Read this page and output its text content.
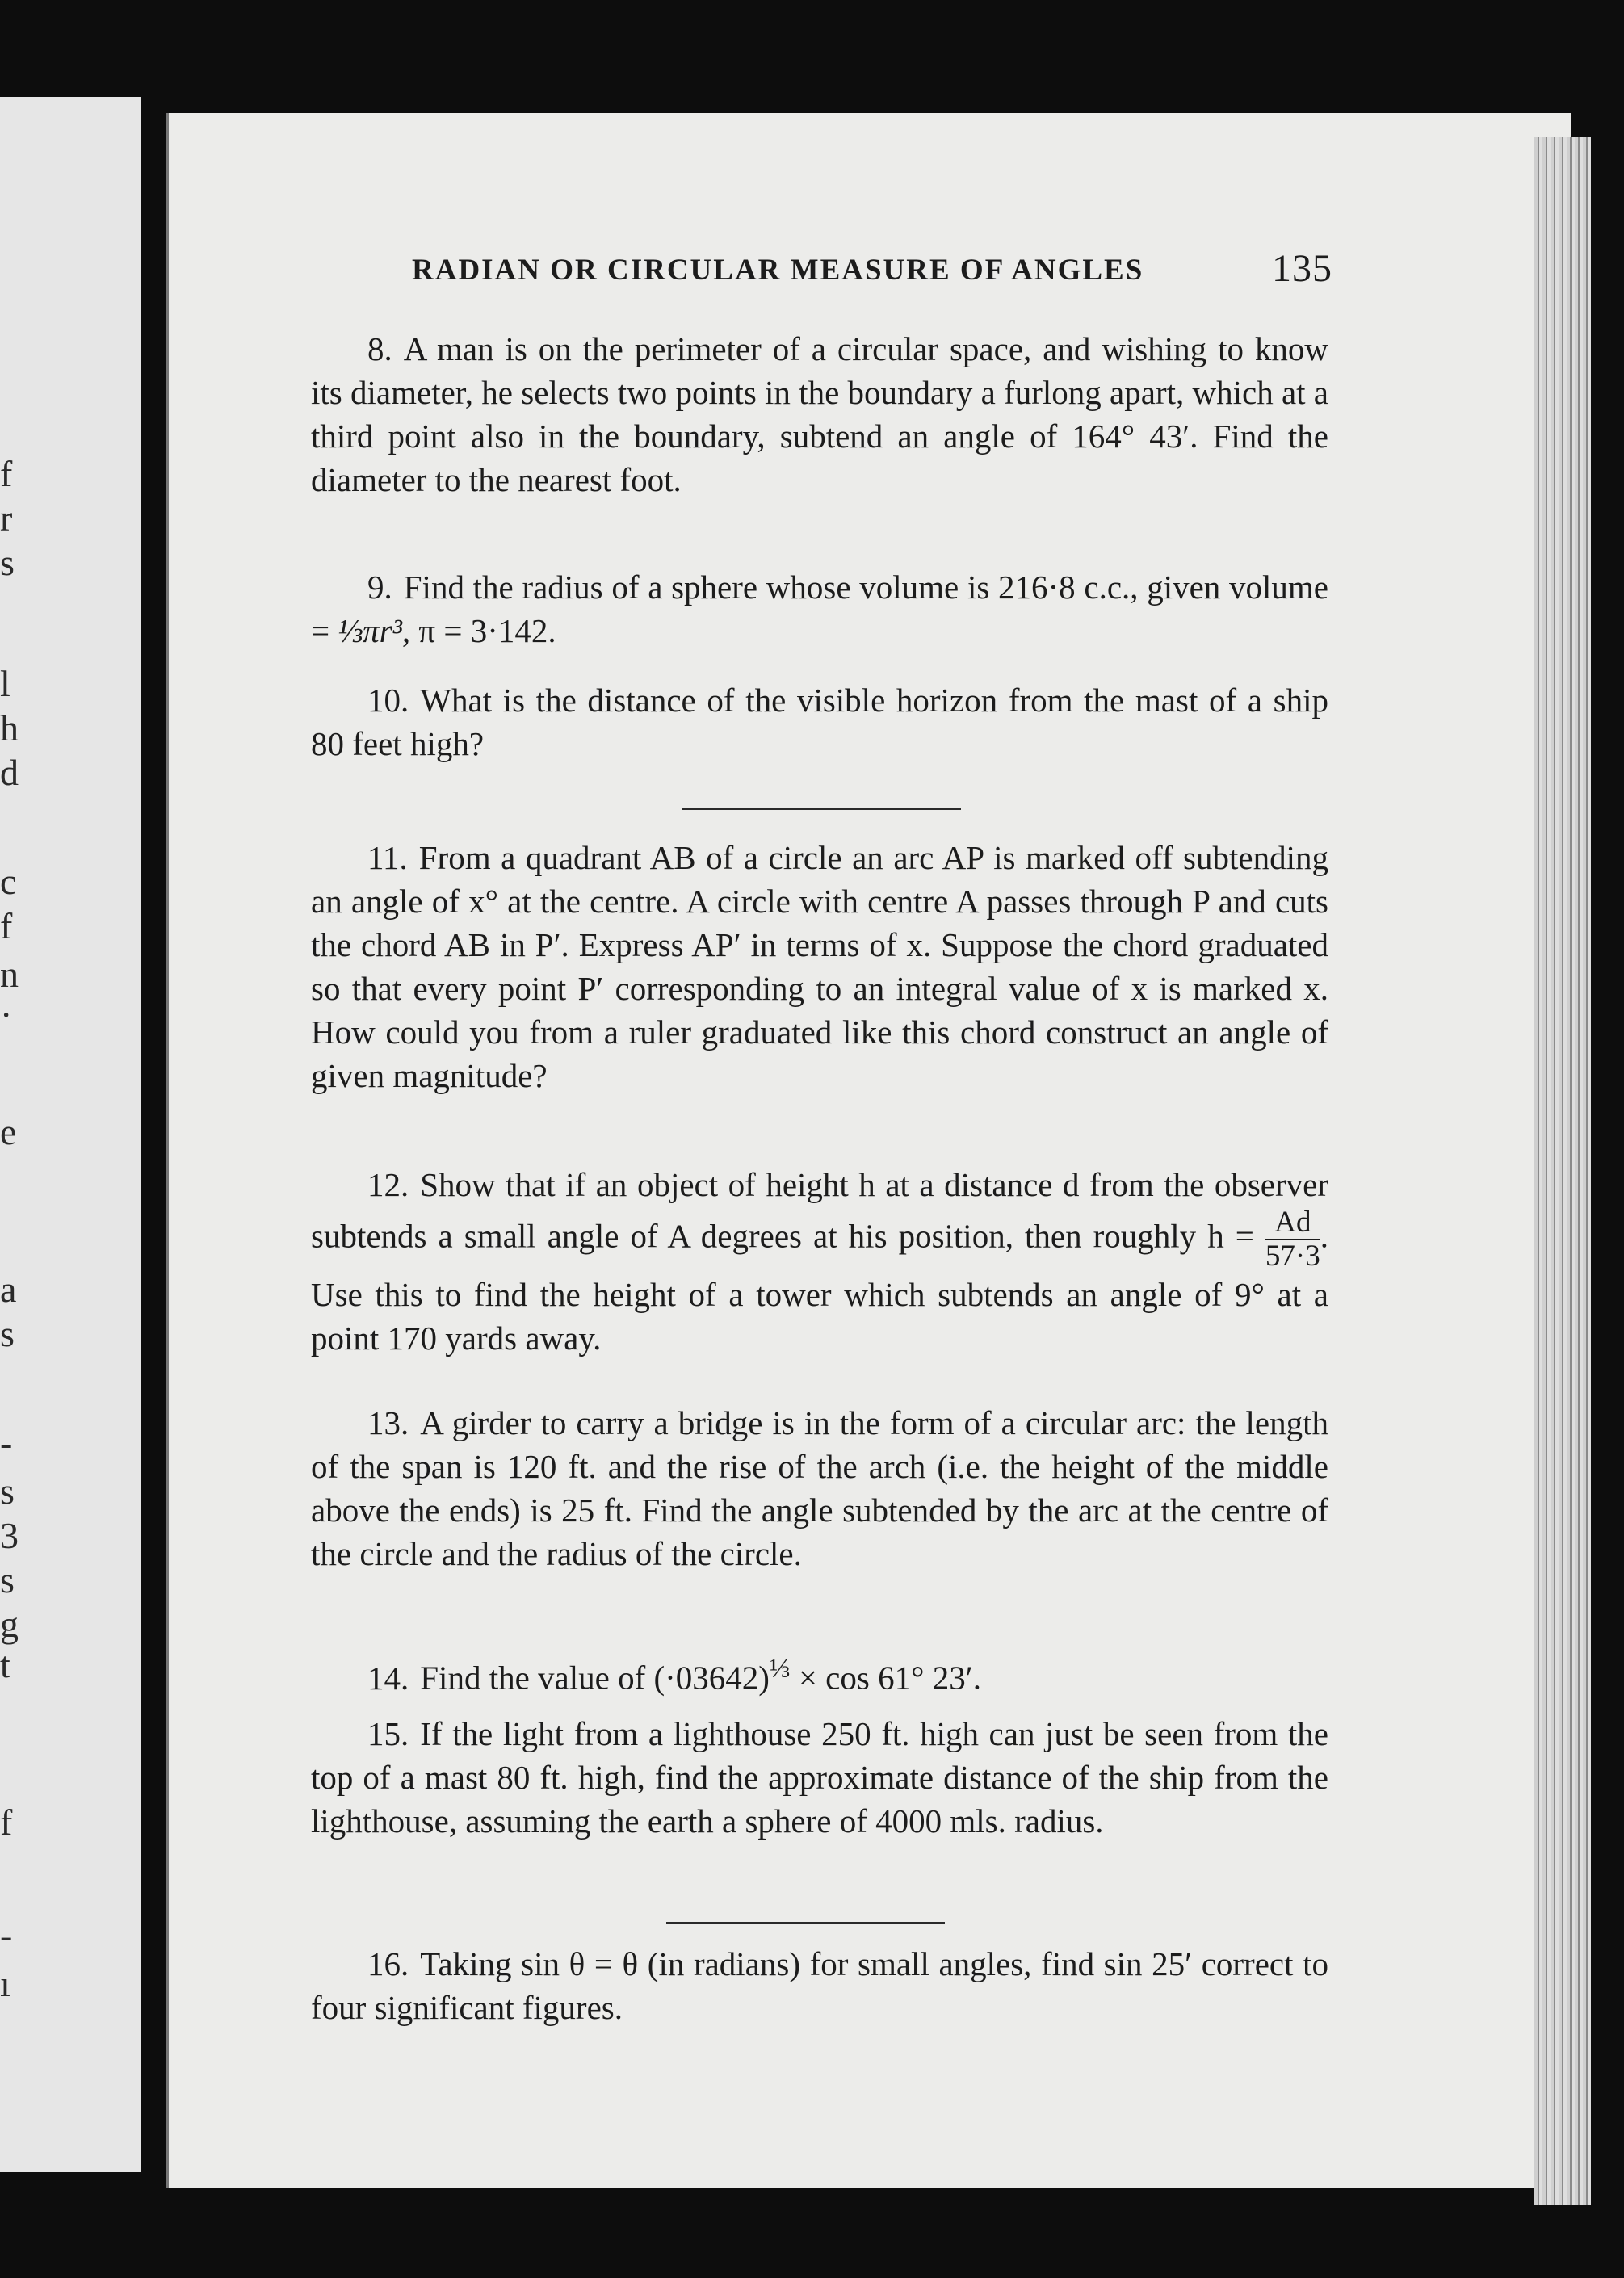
f
r
s
l
h
d
c
f
n
·
e
a
s
-
s
3
s
g
t
f
-
ı
RADIAN OR CIRCULAR MEASURE OF ANGLES	135

8. A man is on the perimeter of a circular space, and wishing to know its diameter, he selects two points in the boundary a furlong apart, which at a third point also in the boundary, subtend an angle of 164° 43′. Find the diameter to the nearest foot.

9. Find the radius of a sphere whose volume is 216·8 c.c., given volume = ⅓πr³, π = 3·142.

10. What is the distance of the visible horizon from the mast of a ship 80 feet high?

11. From a quadrant AB of a circle an arc AP is marked off subtending an angle of x° at the centre. A circle with centre A passes through P and cuts the chord AB in P′. Express AP′ in terms of x. Suppose the chord graduated so that every point P′ corresponding to an integral value of x is marked x. How could you from a ruler graduated like this chord construct an angle of given magnitude?

12. Show that if an object of height h at a distance d from the observer subtends a small angle of A degrees at his position, then roughly $h = \frac{Ad}{57\cdot 3}$ . Use this to find the height of a tower which subtends an angle of 9° at a point 170 yards away.

13. A girder to carry a bridge is in the form of a circular arc: the length of the span is 120 ft. and the rise of the arch (i.e. the height of the middle above the ends) is 25 ft. Find the angle subtended by the arc at the centre of the circle and the radius of the circle.

14. Find the value of $(\cdot 03642)^{\frac{1}{3}} \times \cos 61^\circ$ 23′.

15. If the light from a lighthouse 250 ft. high can just be seen from the top of a mast 80 ft. high, find the approximate distance of the ship from the lighthouse, assuming the earth a sphere of 4000 mls. radius.

16. Taking sin θ = θ (in radians) for small angles, find sin 25′ correct to four significant figures.
